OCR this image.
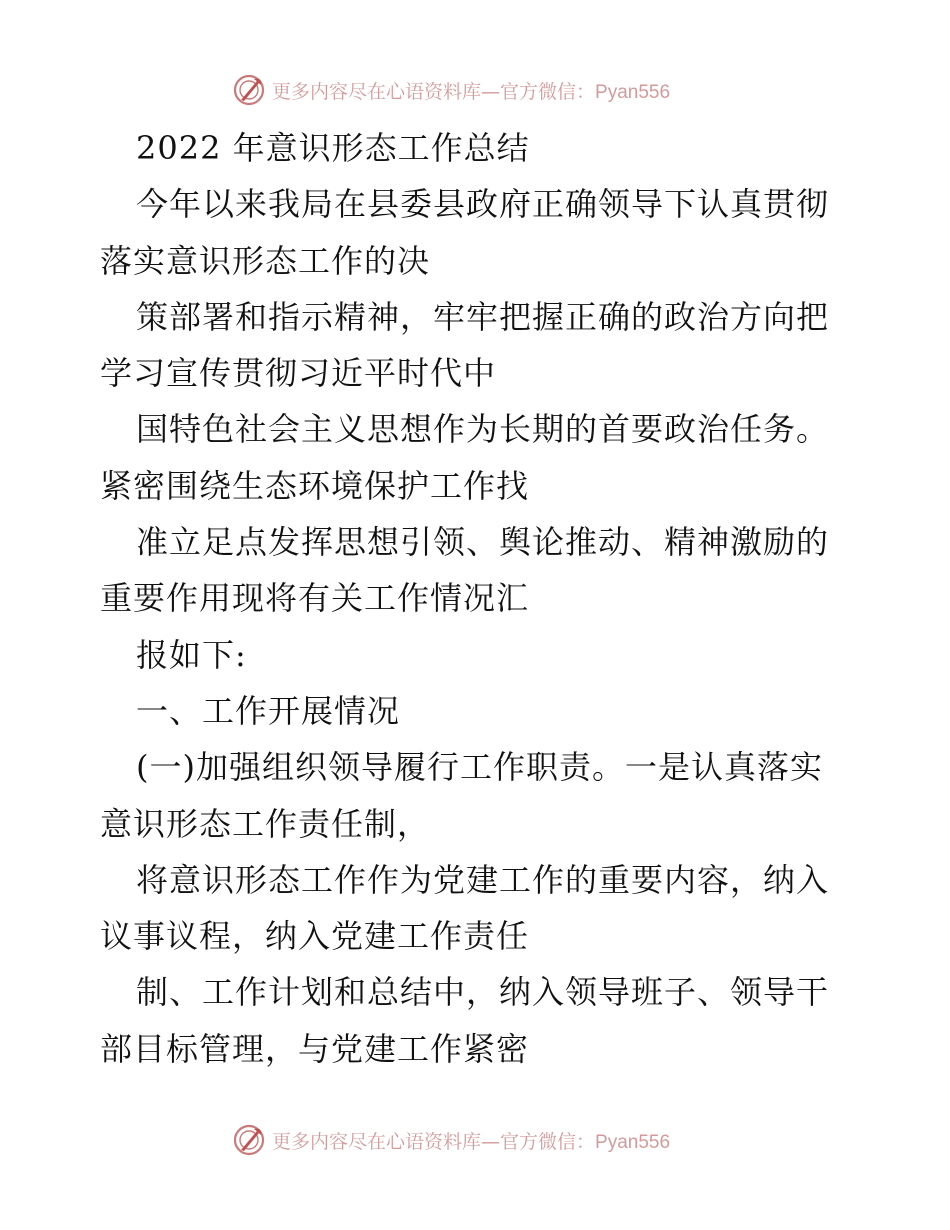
更多内容尽在心语资料库—官方微信：Pyan556
2022 年意识形态工作总结
今年以来我局在县委县政府正确领导下认真贯彻
落实意识形态工作的决
策部署和指示精神，牢牢把握正确的政治方向把
学习宣传贯彻习近平时代中
国特色社会主义思想作为长期的首要政治任务。
紧密围绕生态环境保护工作找
准立足点发挥思想引领、舆论推动、精神激励的
重要作用现将有关工作情况汇
报如下:
一、工作开展情况
(一)加强组织领导履行工作职责。一是认真落实
意识形态工作责任制，
将意识形态工作作为党建工作的重要内容，纳入
议事议程，纳入党建工作责任
制、工作计划和总结中，纳入领导班子、领导干
部目标管理，与党建工作紧密
更多内容尽在心语资料库—官方微信：Pyan556
